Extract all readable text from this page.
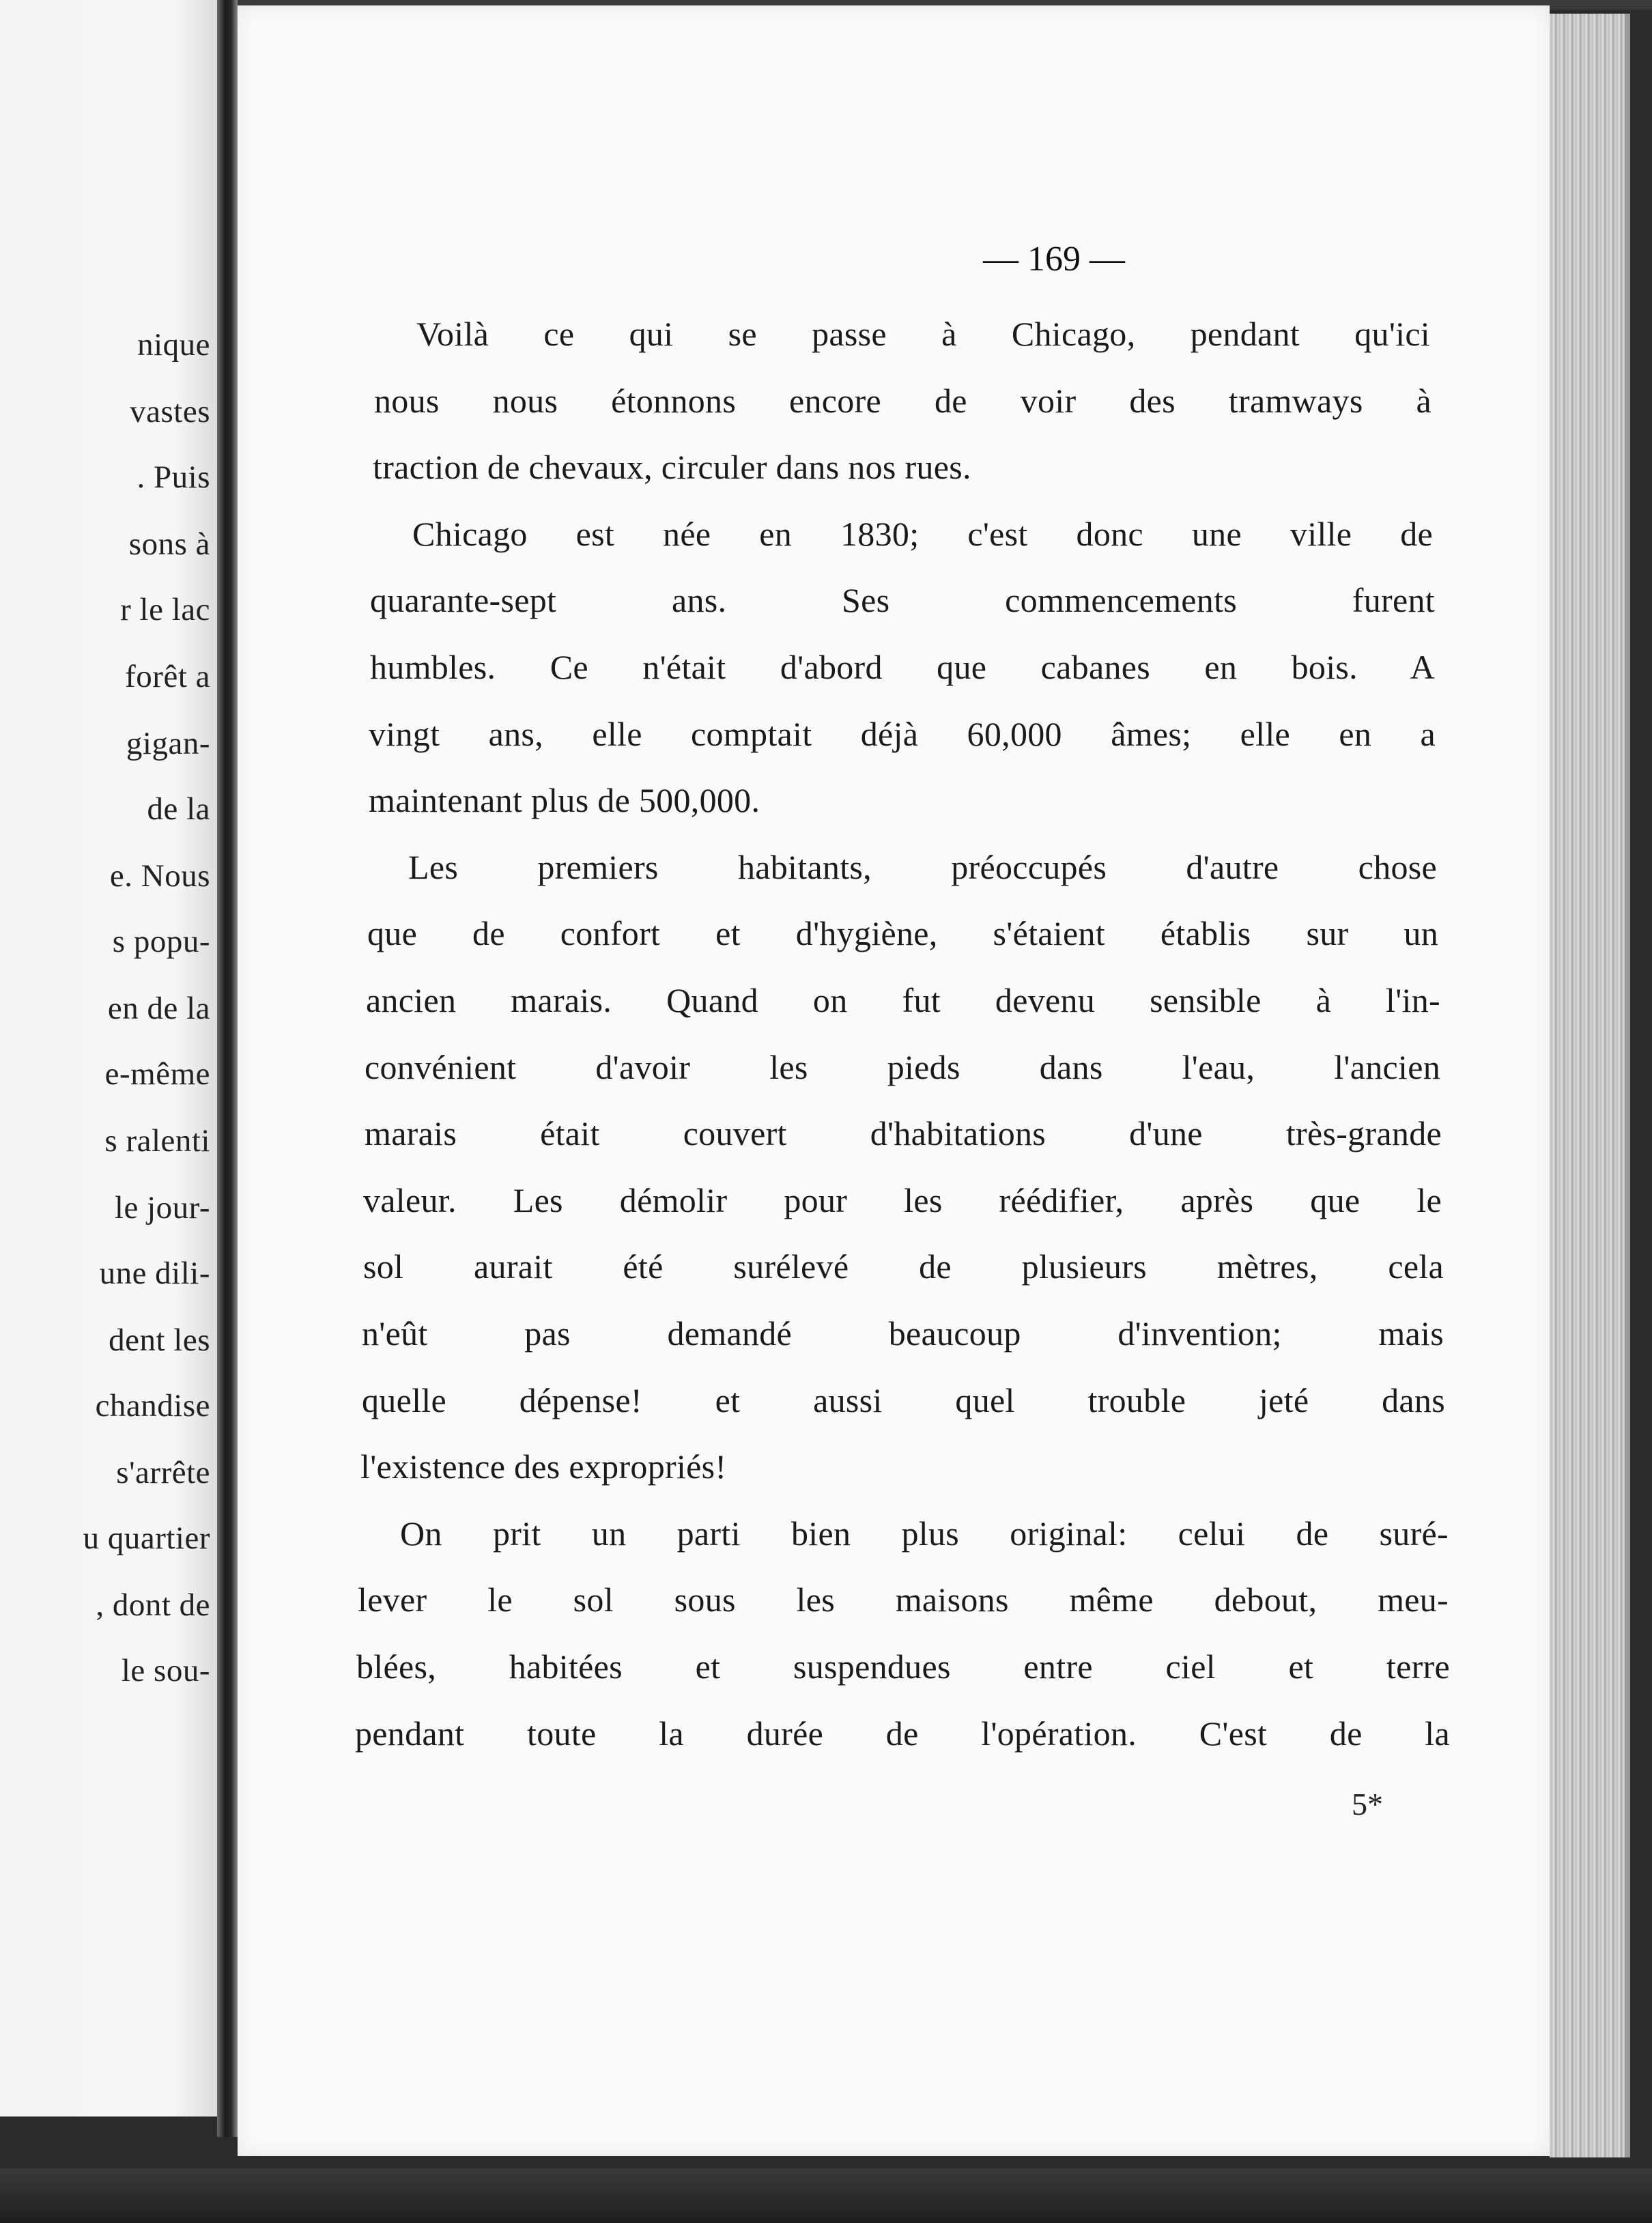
nique
vastes
. Puis
sons à
r le lac
forêt a
gigan-
de la
e. Nous
s popu-
en de la
e-même
s ralenti
le jour-
une dili-
dent les
chandise
s'arrête
u quartier
, dont de
le sou-
— 169 —
Voilà ce qui se passe à Chicago, pendant qu'ici
nous nous étonnons encore de voir des tramways à
traction de chevaux, circuler dans nos rues.
Chicago est née en 1830; c'est donc une ville de
quarante-sept ans. Ses commencements furent
humbles. Ce n'était d'abord que cabanes en bois. A
vingt ans, elle comptait déjà 60,000 âmes; elle en a
maintenant plus de 500,000.
Les premiers habitants, préoccupés d'autre chose
que de confort et d'hygiène, s'étaient établis sur un
ancien marais. Quand on fut devenu sensible à l'in-
convénient d'avoir les pieds dans l'eau, l'ancien
marais était couvert d'habitations d'une très-grande
valeur. Les démolir pour les réédifier, après que le
sol aurait été surélevé de plusieurs mètres, cela
n'eût pas demandé beaucoup d'invention; mais
quelle dépense! et aussi quel trouble jeté dans
l'existence des expropriés!
On prit un parti bien plus original: celui de suré-
lever le sol sous les maisons même debout, meu-
blées, habitées et suspendues entre ciel et terre
pendant toute la durée de l'opération. C'est de la
5*
